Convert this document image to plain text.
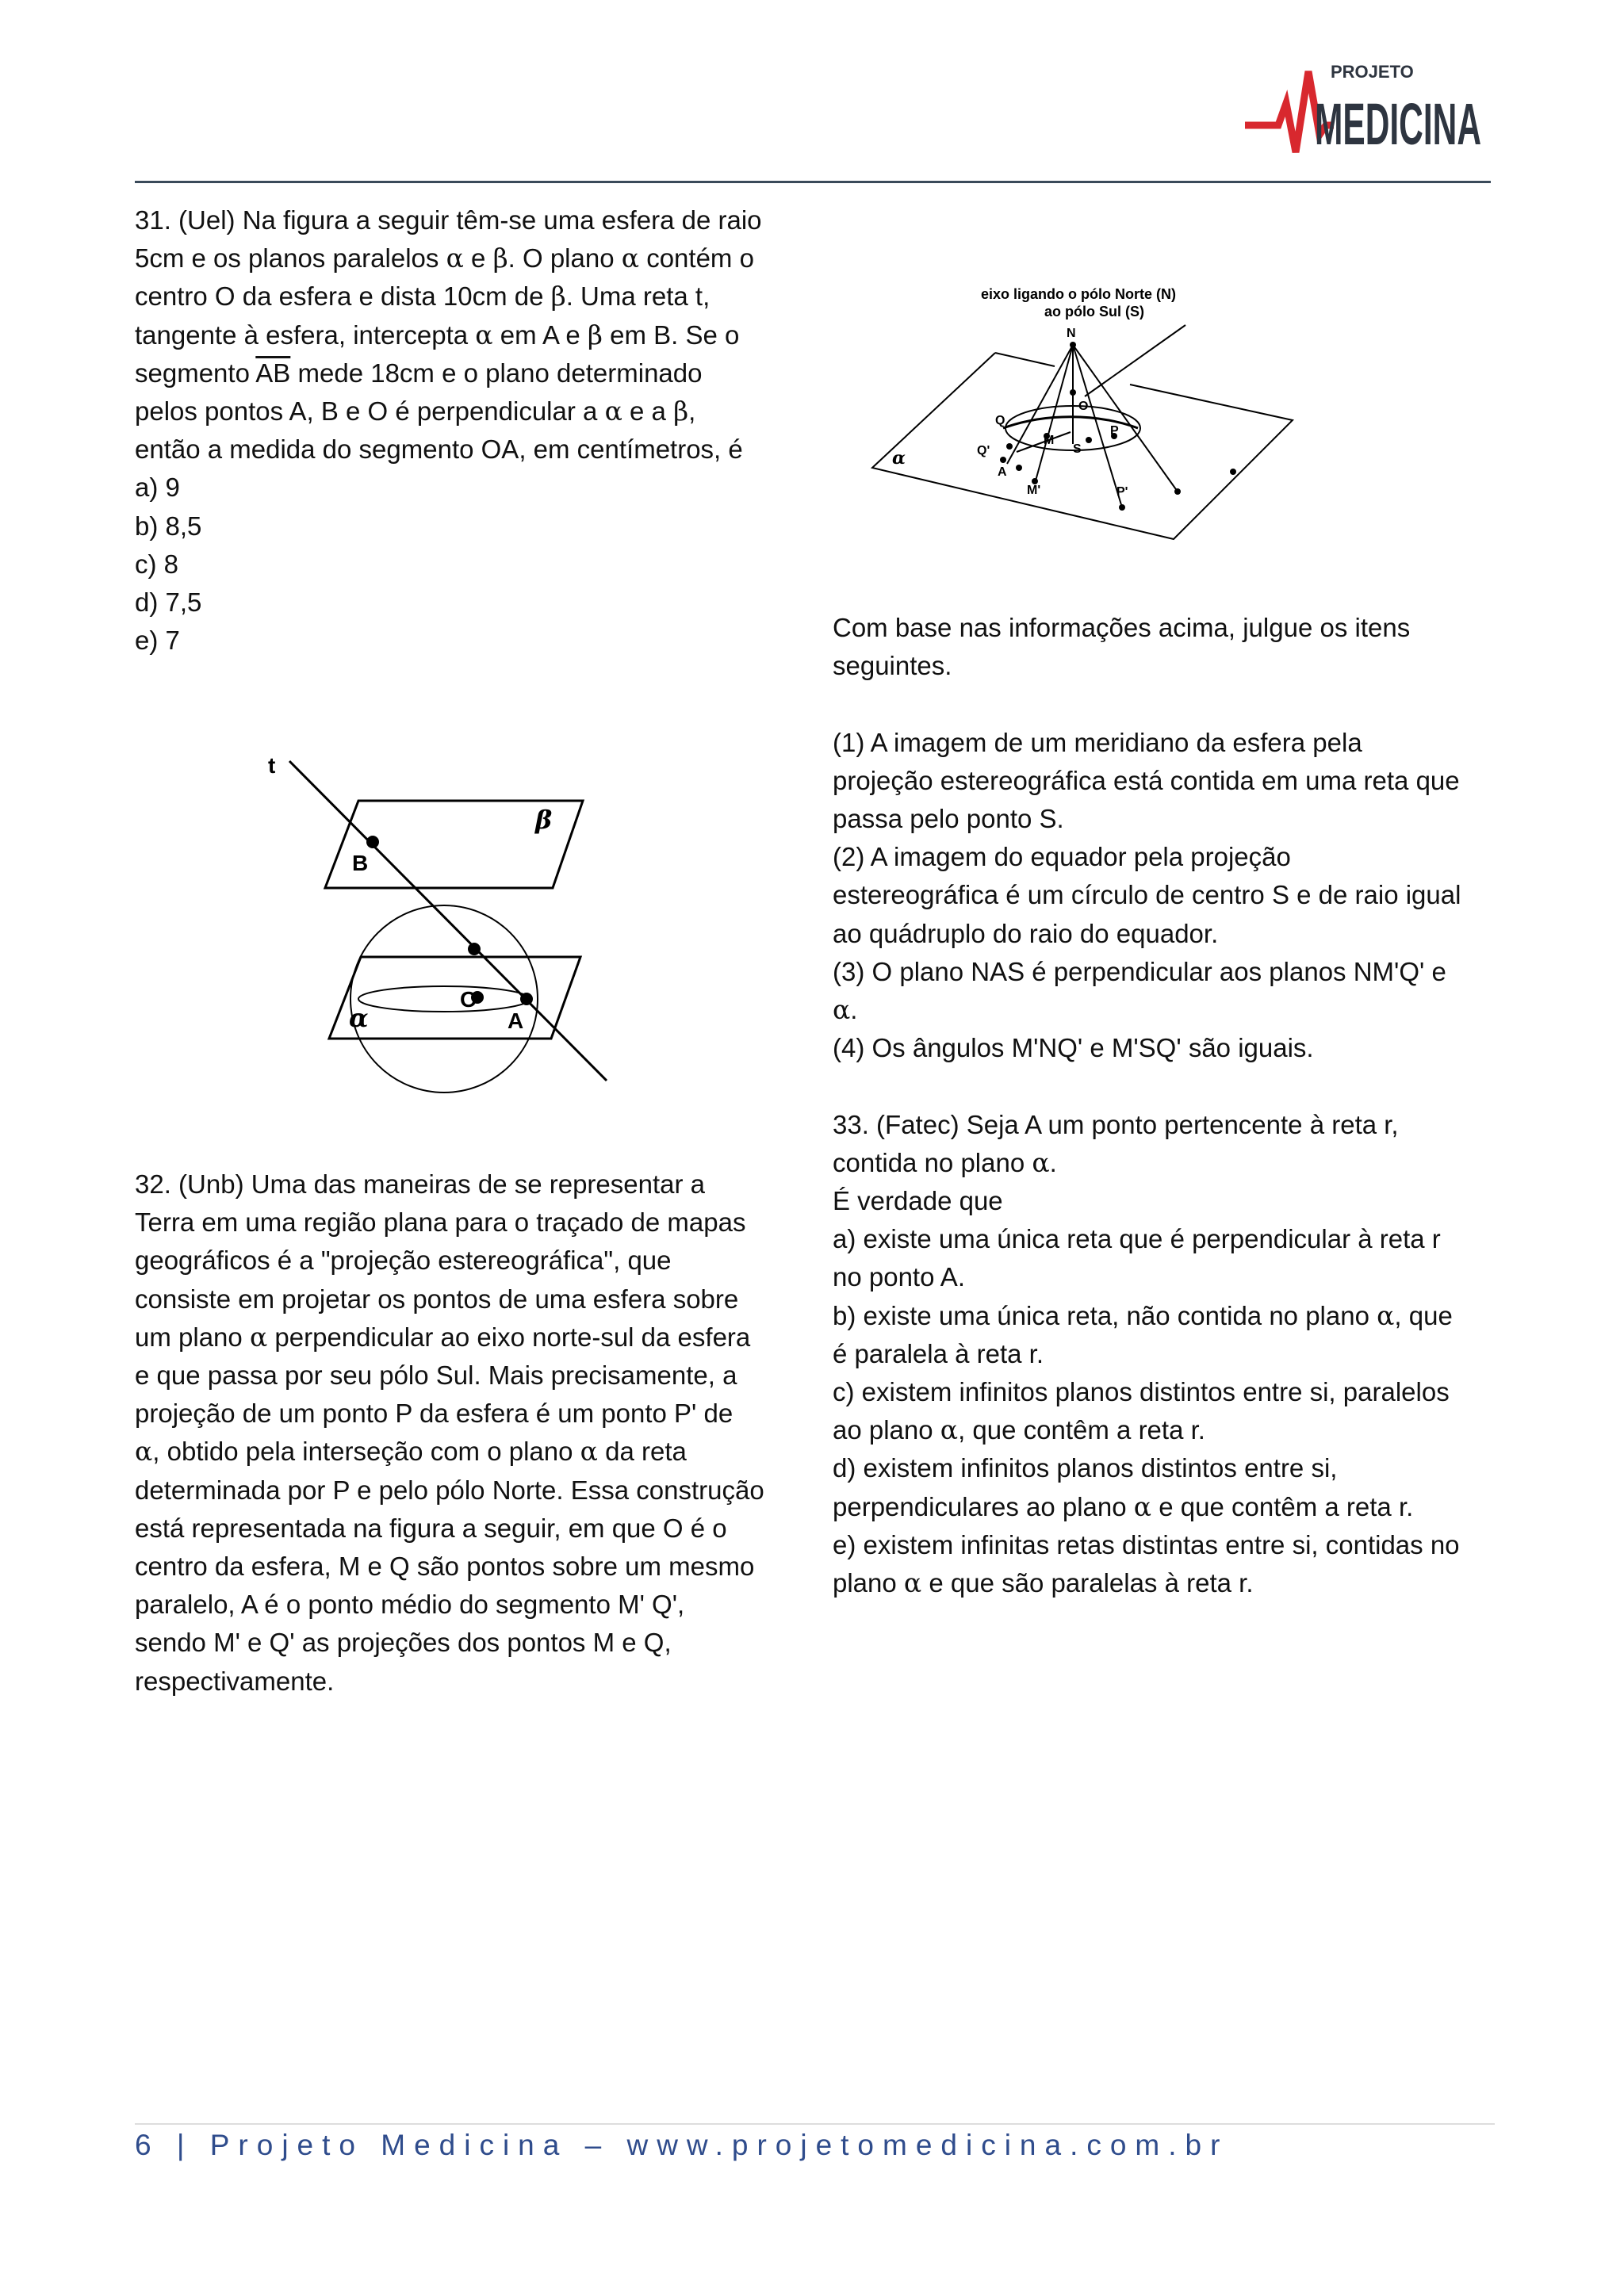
PROJETO
MEDICINA

31. (Uel) Na figura a seguir têm-se uma esfera de raio

5cm e os planos paralelos α e β. O plano α contém o

centro O da esfera e dista 10cm de β. Uma reta t,

tangente à esfera, intercepta α em A e β em B. Se o

segmento $\overline{AB}$ mede 18cm e o plano determinado

pelos pontos A, B e O é perpendicular a α e a β,

então a medida do segmento OA, em centímetros, é

a) 9

b) 8,5

c) 8

d) 7,5

e) 7

t
B
O
A
β
α

32. (Unb) Uma das maneiras de se representar a

Terra em uma região plana para o traçado de mapas

geográficos é a "projeção estereográfica", que

consiste em projetar os pontos de uma esfera sobre

um plano α perpendicular ao eixo norte-sul da esfera

e que passa por seu pólo Sul. Mais precisamente, a

projeção de um ponto P da esfera é um ponto P' de

α, obtido pela interseção com o plano α da reta

determinada por P e pelo pólo Norte. Essa construção

está representada na figura a seguir, em que O é o

centro da esfera, M e Q são pontos sobre um mesmo

paralelo, A é o ponto médio do segmento M' Q',

sendo M' e Q' as projeções dos pontos M e Q,

respectivamente.

eixo ligando o pólo Norte (N)
ao pólo Sul (S)
N
O
Q
M
P
S
Q'
A
M'	P'
α

Com base nas informações acima, julgue os itens

seguintes.

(1) A imagem de um meridiano da esfera pela

projeção estereográfica está contida em uma reta que

passa pelo ponto S.

(2) A imagem do equador pela projeção

estereográfica é um círculo de centro S e de raio igual

ao quádruplo do raio do equador.

(3) O plano NAS é perpendicular aos planos NM'Q' e

α.

(4) Os ângulos M'NQ' e M'SQ' são iguais.

33. (Fatec) Seja A um ponto pertencente à reta r,

contida no plano α.

É verdade que

a) existe uma única reta que é perpendicular à reta r

no ponto A.

b) existe uma única reta, não contida no plano α, que

é paralela à reta r.

c) existem infinitos planos distintos entre si, paralelos

ao plano α, que contêm a reta r.

d) existem infinitos planos distintos entre si,

perpendiculares ao plano α e que contêm a reta r.

e) existem infinitas retas distintas entre si, contidas no

plano α e que são paralelas à reta r.

6 | Projeto Medicina – www.projetomedicina.com.br
